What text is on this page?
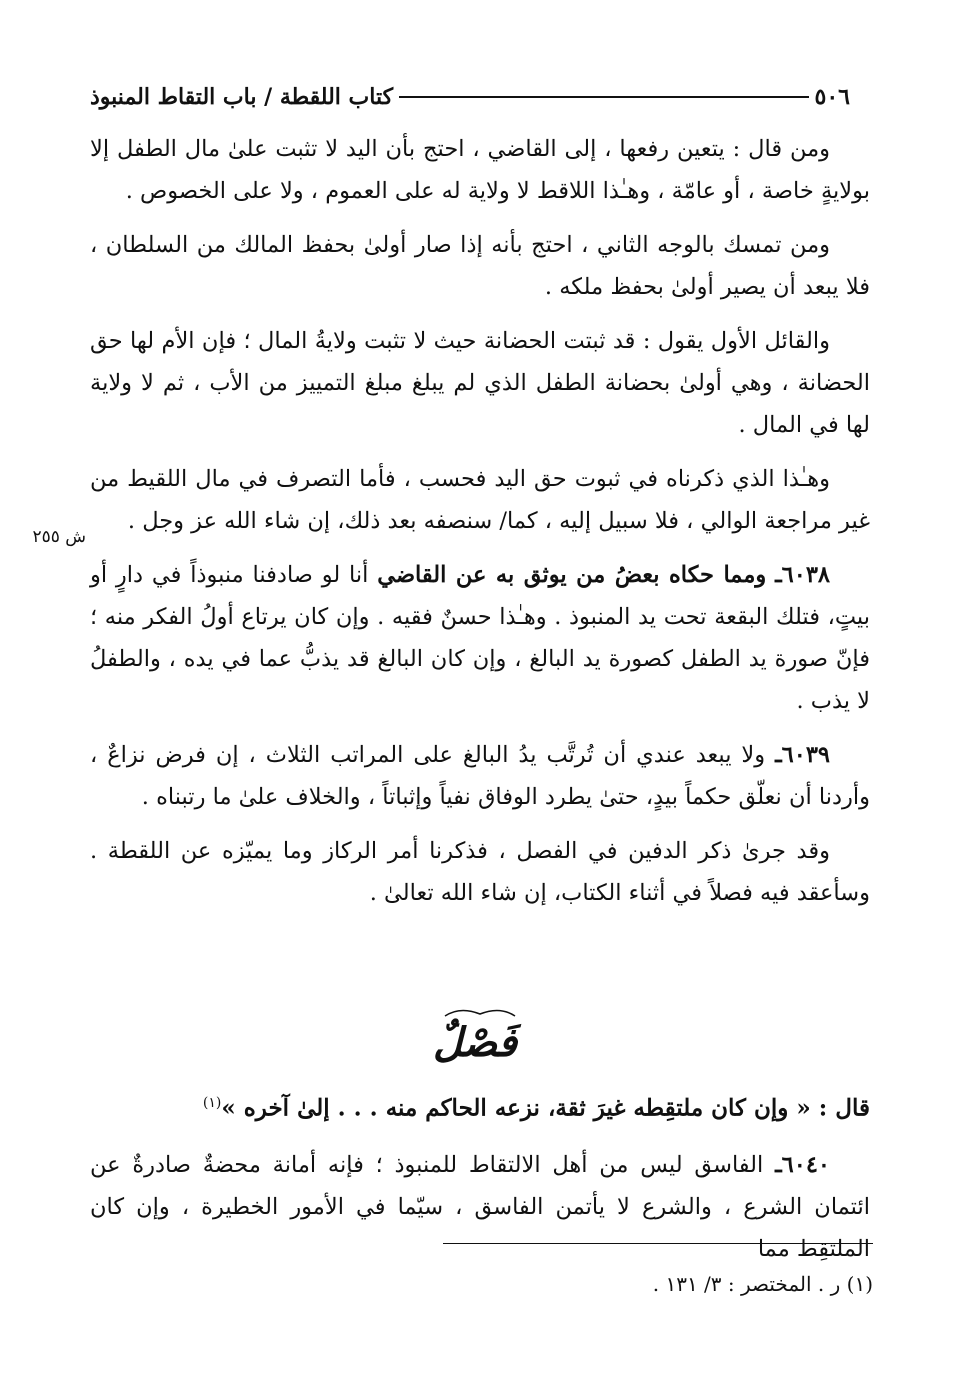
٥٠٦
كتاب اللقطة / باب التقاط المنبوذ

ومن قال : يتعين رفعها ، إلى القاضي ، احتج بأن اليد لا تثبت علىٰ مال الطفل إلا بولايةٍ خاصة ، أو عامّة ، وهـٰذا اللاقط لا ولاية له على العموم ، ولا على الخصوص .

ومن تمسك بالوجه الثاني ، احتج بأنه إذا صار أولىٰ بحفظ المالك من السلطان ، فلا يبعد أن يصير أولىٰ بحفظ ملكه .

والقائل الأول يقول : قد ثبتت الحضانة حيث لا تثبت ولايةُ المال ؛ فإن الأم لها حق الحضانة ، وهي أولىٰ بحضانة الطفل الذي لم يبلغ مبلغ التمييز من الأب ، ثم لا ولاية لها في المال .

وهـٰذا الذي ذكرناه في ثبوت حق اليد فحسب ، فأما التصرف في مال اللقيط من غير مراجعة الوالي ، فلا سبيل إليه ، كما/ سنصفه بعد ذلك، إن شاء الله عز وجل .

٦٠٣٨ـ ومما حكاه بعضُ من يوثق به عن القاضي أنا لو صادفنا منبوذاً في دارٍ أو بيتٍ، فتلك البقعة تحت يد المنبوذ . وهـٰذا حسنٌ فقيه . وإن كان يرتاع أولُ الفكر منه ؛ فإنّ صورة يد الطفل كصورة يد البالغ ، وإن كان البالغ قد يذبُّ عما في يده ، والطفلُ لا يذب .

٦٠٣٩ـ ولا يبعد عندي أن تُرتَّب يدُ البالغ على المراتب الثلاث ، إن فرض نزاعٌ ، وأردنا أن نعلّق حكماً بيدٍ، حتىٰ يطرد الوفاق نفياً وإثباتاً ، والخلاف علىٰ ما رتبناه .

وقد جرىٰ ذكر الدفين في الفصل ، فذكرنا أمر الركاز وما يميّزه عن اللقطة . وسأعقد فيه فصلاً في أثناء الكتاب، إن شاء الله تعالىٰ .

ش ٢٥٥
فَصْلٌ
قال : « وإن كان ملتقِطه غيرَ ثقة، نزعه الحاكم منه . . . إلىٰ آخره »$^{(١)}$

٦٠٤٠ـ الفاسق ليس من أهل الالتقاط للمنبوذ ؛ فإنه أمانة محضةٌ صادرةٌ عن ائتمان الشرع ، والشرع لا يأتمن الفاسق ، سيّما في الأمور الخطيرة ، وإن كان الملتقِط مما

(١) ر . المختصر : ٣/ ١٣١ .
